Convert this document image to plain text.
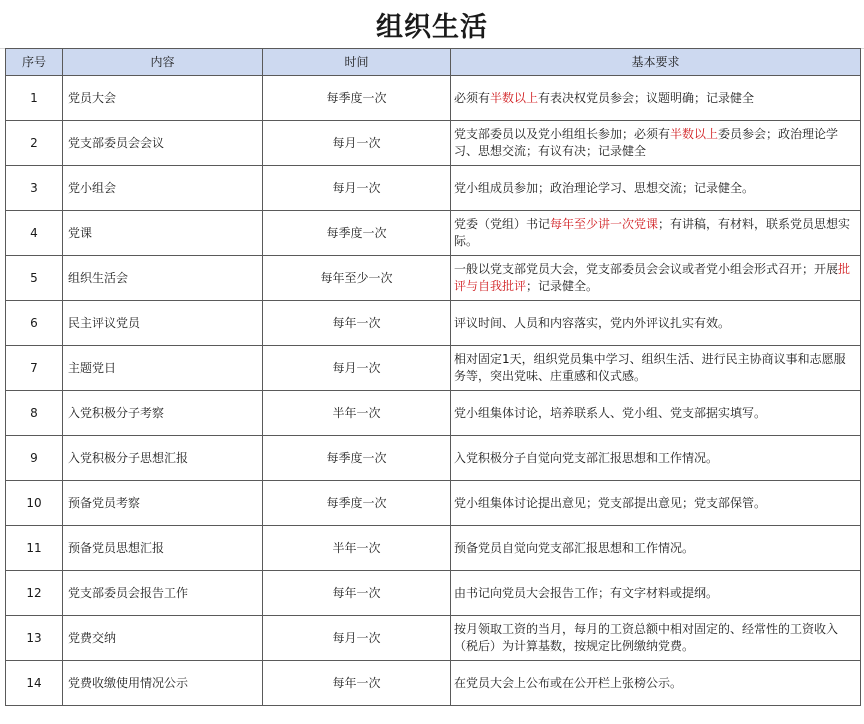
组织生活
序号	内容	时间	基本要求
1	党员大会	每季度一次	必须有半数以上有表决权党员参会；议题明确；记录健全
2	党支部委员会会议	每月一次	党支部委员以及党小组组长参加；必须有半数以上委员参会；政治理论学习、思想交流；有议有决；记录健全
3	党小组会	每月一次	党小组成员参加；政治理论学习、思想交流；记录健全。
4	党课	每季度一次	党委（党组）书记每年至少讲一次党课；有讲稿，有材料，联系党员思想实际。
5	组织生活会	每年至少一次	一般以党支部党员大会，党支部委员会会议或者党小组会形式召开；开展批评与自我批评；记录健全。
6	民主评议党员	每年一次	评议时间、人员和内容落实，党内外评议扎实有效。
7	主题党日	每月一次	相对固定1天，组织党员集中学习、组织生活、进行民主协商议事和志愿服务等，突出党味、庄重感和仪式感。
8	入党积极分子考察	半年一次	党小组集体讨论，培养联系人、党小组、党支部据实填写。
9	入党积极分子思想汇报	每季度一次	入党积极分子自觉向党支部汇报思想和工作情况。
10	预备党员考察	每季度一次	党小组集体讨论提出意见；党支部提出意见；党支部保管。
11	预备党员思想汇报	半年一次	预备党员自觉向党支部汇报思想和工作情况。
12	党支部委员会报告工作	每年一次	由书记向党员大会报告工作；有文字材料或提纲。
13	党费交纳	每月一次	按月领取工资的当月，每月的工资总额中相对固定的、经常性的工资收入（税后）为计算基数，按规定比例缴纳党费。
14	党费收缴使用情况公示	每年一次	在党员大会上公布或在公开栏上张榜公示。
